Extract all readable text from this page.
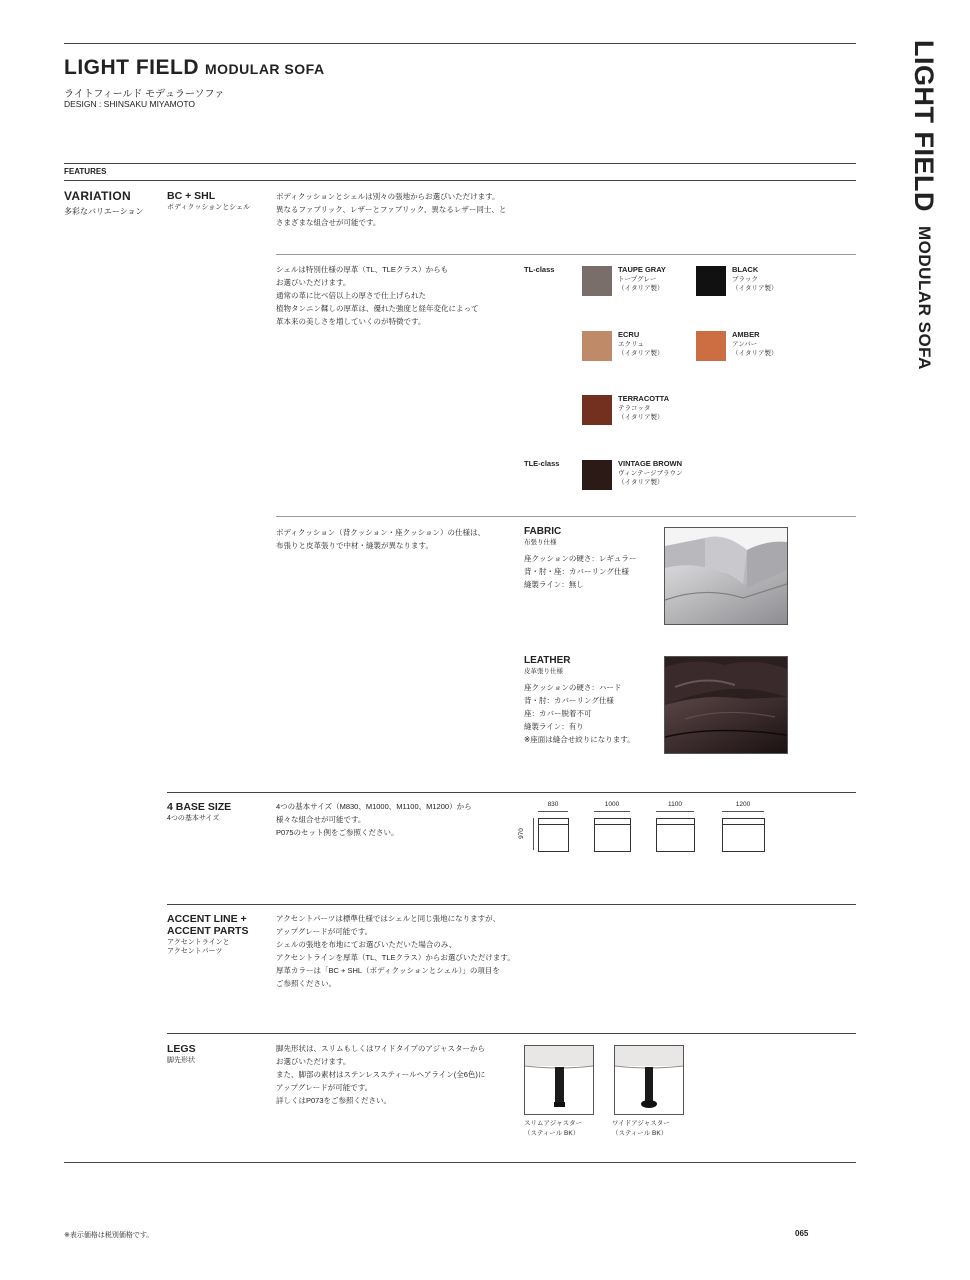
LIGHT FIELD MODULAR SOFA
ライトフィールド モデュラーソファ
DESIGN : SHINSAKU MIYAMOTO	LIGHT FIELD MODULAR SOFA
FEATURES
VARIATION
多彩なバリエーション
BC + SHL
ボディクッションとシェル
ボディクッションとシェルは別々の張地からお選びいただけます。
異なるファブリック、レザーとファブリック、異なるレザー同士、と
さまざまな組合せが可能です。
シェルは特別仕様の厚革（TL、TLEクラス）からも
お選びいただけます。
通常の革に比べ倍以上の厚さで仕上げられた
植物タンニン鞣しの厚革は、優れた強度と経年変化によって
革本来の美しさを増していくのが特徴です。
TL-class
TLE-class
TAUPE GRAY
トープグレー
（イタリア製）
BLACK
ブラック
（イタリア製）
ECRU
エクリュ
（イタリア製）
AMBER
アンバー
（イタリア製）
TERRACOTTA
テラコッタ
（イタリア製）
VINTAGE BROWN
ヴィンテージブラウン
（イタリア製）
ボディクッション（背クッション・座クッション）の仕様は、
布張りと皮革張りで中材・縫製が異なります。
FABRIC
布張り仕様
座クッションの硬さ：レギュラー
背・肘・座：カバーリング仕様
縫製ライン：無し
LEATHER
皮革張り仕様
座クッションの硬さ：ハード
背・肘：カバーリング仕様
座：カバー脱着不可
縫製ライン：有り
※座面は縫合せ絞りになります。
4 BASE SIZE
4つの基本サイズ
4つの基本サイズ（M830、M1000、M1100、M1200）から
様々な組合せが可能です。
P075のセット例をご参照ください。
830	1000	1100	1200
970
ACCENT LINE +
ACCENT PARTS
アクセントラインと
アクセントパーツ
アクセントパーツは標準仕様ではシェルと同じ張地になりますが、
アップグレードが可能です。
シェルの張地を布地にてお選びいただいた場合のみ、
アクセントラインを厚革（TL、TLEクラス）からお選びいただけます。
厚革カラーは「BC + SHL（ボディクッションとシェル）」の項目を
ご参照ください。
LEGS
脚先形状
脚先形状は、スリムもしくはワイドタイプのアジャスターから
お選びいただけます。
また、脚部の素材はステンレススティールヘアライン(全6色)に
アップグレードが可能です。
詳しくはP073をご参照ください。
スリムアジャスター
（スティール BK）
ワイドアジャスター
（スティール BK）
※表示価格は税別価格です。	065
